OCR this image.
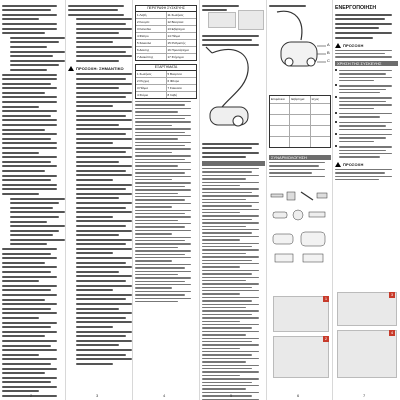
2
ΠΡΟΣΟΧΗ: ΣΗΜΑΝΤΙΚΟ
3
ΠΕΡΙΓΡΑΦΗ ΣΥΣΚΕΥΗΣ
1 Λαβή	11 Σωλήνας
2 Κουμπί	12 Βούρτσα
3 Καλώδιο	13 Εξάρτημα
4 Φίλτρο	14 Πέλμα
5 Σακούλα	15 Ρυθμιστής
6 Δείκτης	16 Προσάρτημα
7 Διακόπτης	17 Στήριγμα
ΕΞΑΡΤΗΜΑΤΑ
1 Σωλήνας	5 Βούρτσα
2 Ρύγχος	6 Φίλτρο
3 Πέλμα	7 Σακούλα
4 Στόμιο	8 Λαβή
4
	5
A
B
C
Επιφάνεια	Εξάρτημα	Ισχύς
ΣΥΝΑΡΜΟΛΟΓΗΣΗ
1
2
6
ΕΝΕΡΓΟΠΟΙΗΣΗ
ΠΡΟΣΟΧΗ
ΧΡΗΣΗ ΤΗΣ ΣΥΣΚΕΥΗΣ
ΠΡΟΣΟΧΗ
3
4
7
